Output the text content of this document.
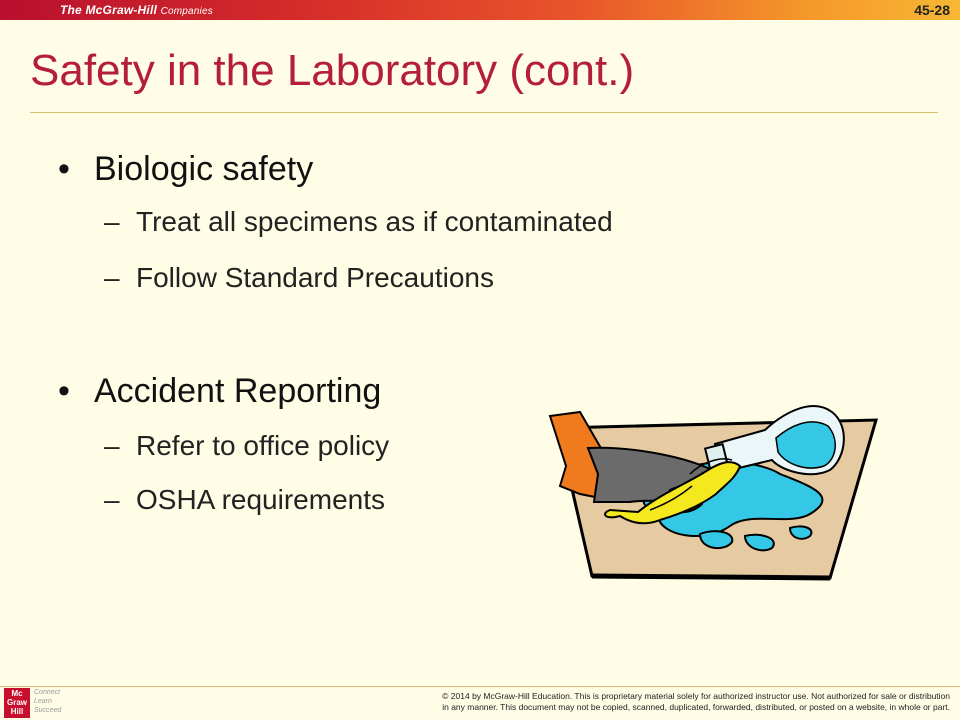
The McGraw-Hill Companies	45-28
Safety in the Laboratory (cont.)
• Biologic safety
– Treat all specimens as if contaminated
– Follow Standard Precautions
• Accident Reporting
– Refer to office policy
– OSHA requirements
Mc Graw Hill
Connect
Learn
Succeed
© 2014 by McGraw-Hill Education. This is proprietary material solely for authorized instructor use. Not authorized for sale or distribution
in any manner. This document may not be copied, scanned, duplicated, forwarded, distributed, or posted on a website, in whole or part.
